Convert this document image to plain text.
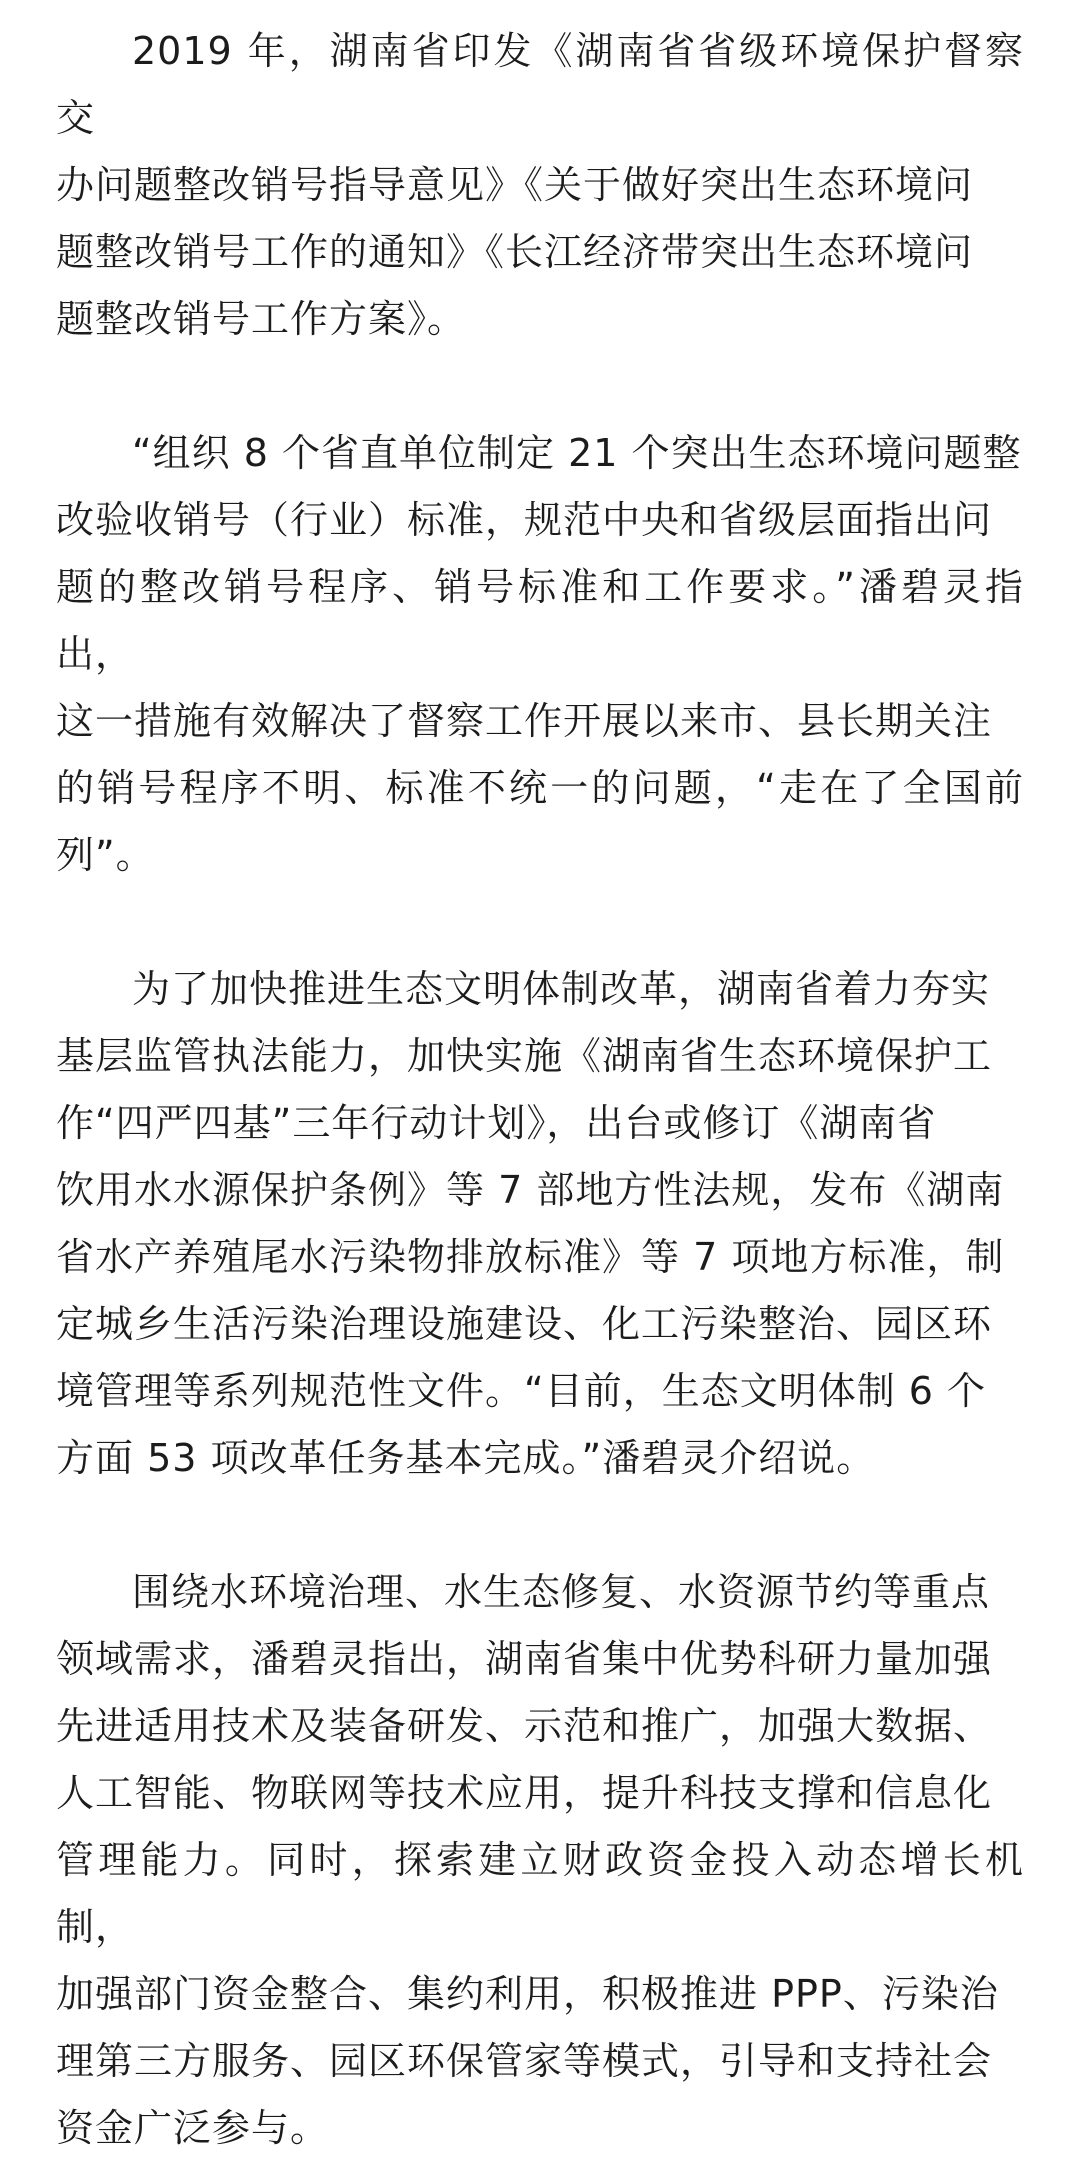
2019 年，湖南省印发《湖南省省级环境保护督察交
办问题整改销号指导意见》《关于做好突出生态环境问
题整改销号工作的通知》《长江经济带突出生态环境问
题整改销号工作方案》。

“组织 8 个省直单位制定 21 个突出生态环境问题整
改验收销号（行业）标准，规范中央和省级层面指出问
题的整改销号程序、销号标准和工作要求。”潘碧灵指出，
这一措施有效解决了督察工作开展以来市、县长期关注
的销号程序不明、标准不统一的问题，“走在了全国前列”。

为了加快推进生态文明体制改革，湖南省着力夯实
基层监管执法能力，加快实施《湖南省生态环境保护工
作“四严四基”三年行动计划》，出台或修订《湖南省
饮用水水源保护条例》等 7 部地方性法规，发布《湖南
省水产养殖尾水污染物排放标准》等 7 项地方标准，制
定城乡生活污染治理设施建设、化工污染整治、园区环
境管理等系列规范性文件。“目前，生态文明体制 6 个
方面 53 项改革任务基本完成。”潘碧灵介绍说。

围绕水环境治理、水生态修复、水资源节约等重点
领域需求，潘碧灵指出，湖南省集中优势科研力量加强
先进适用技术及装备研发、示范和推广，加强大数据、
人工智能、物联网等技术应用，提升科技支撑和信息化
管理能力。同时，探索建立财政资金投入动态增长机制，
加强部门资金整合、集约利用，积极推进 PPP、污染治
理第三方服务、园区环保管家等模式，引导和支持社会
资金广泛参与。
